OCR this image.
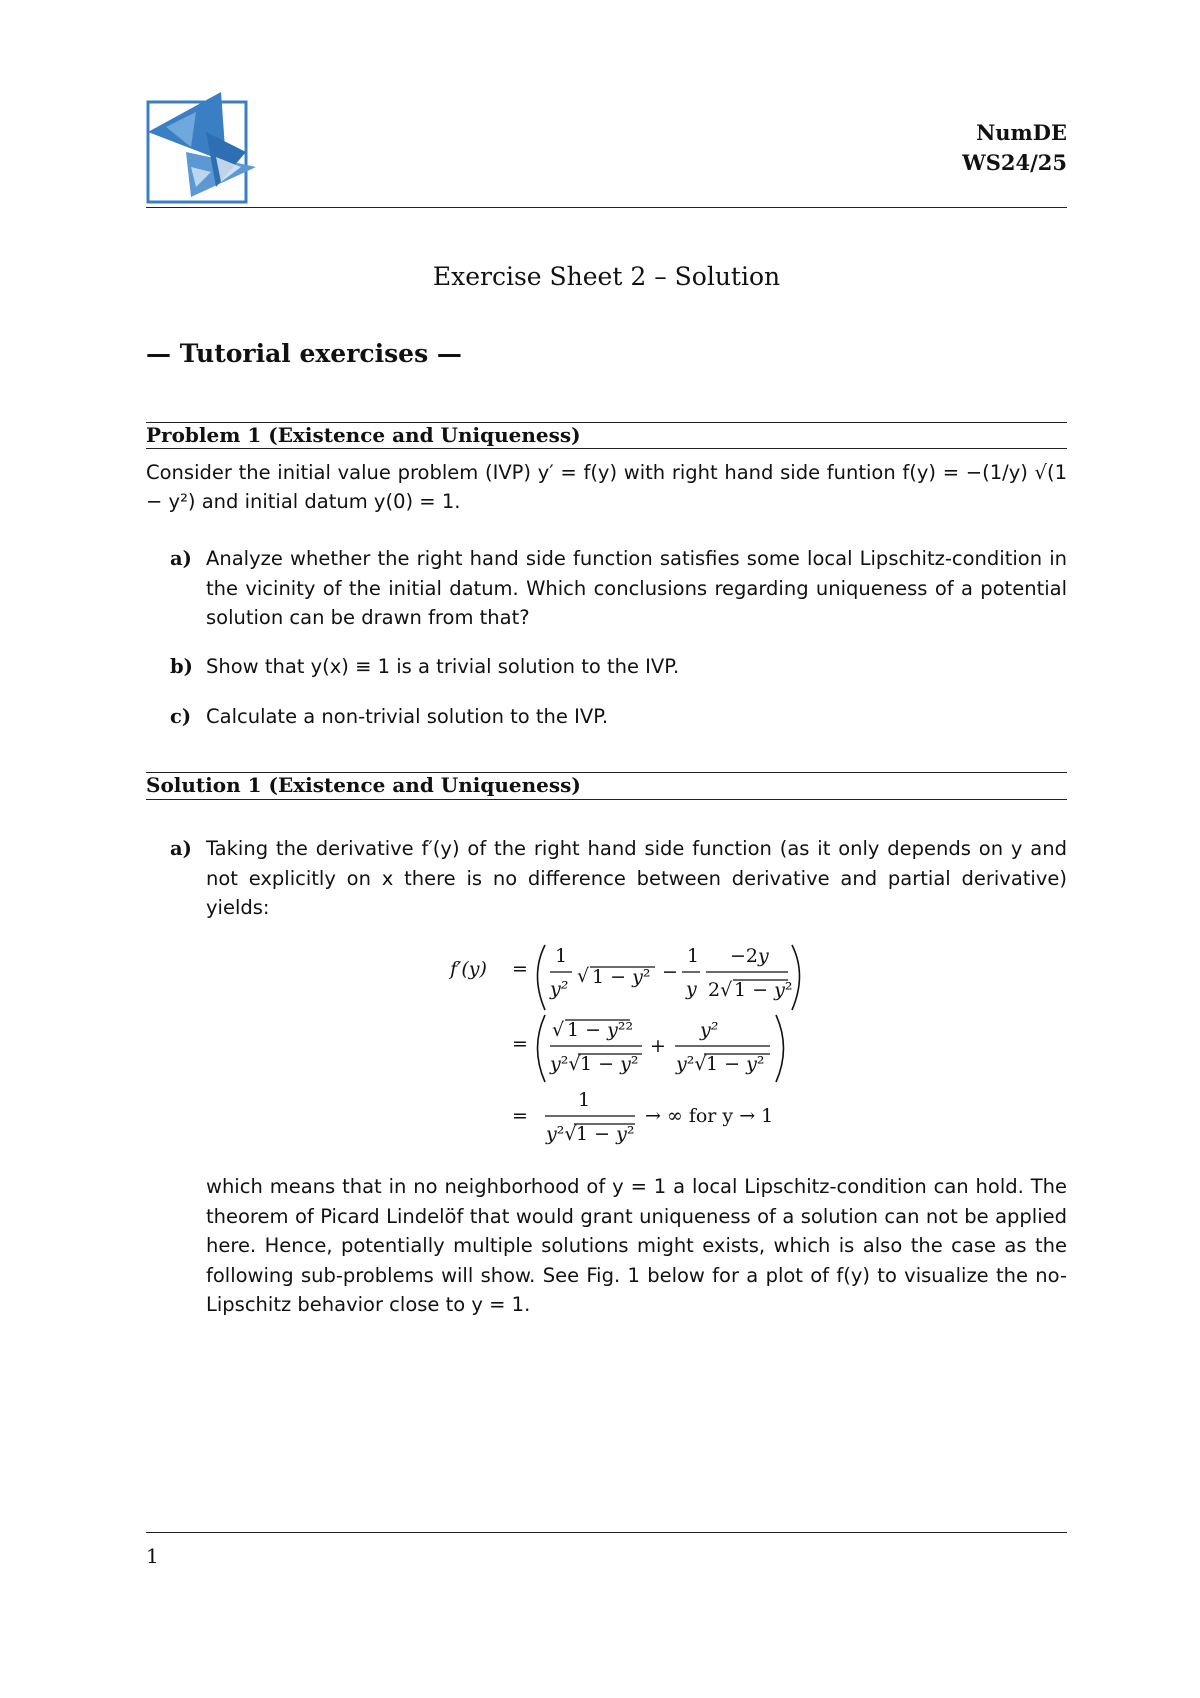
NumDE
WS24/25
Exercise Sheet 2 – Solution
— Tutorial exercises —
Problem 1 (Existence and Uniqueness)
Consider the initial value problem (IVP) y′ = f(y) with right hand side funtion f(y) = −(1/y) √(1 − y²) and initial datum y(0) = 1.
a) Analyze whether the right hand side function satisfies some local Lipschitz-condition in the vicinity of the initial datum. Which conclusions regarding uniqueness of a potential solution can be drawn from that?
b) Show that y(x) ≡ 1 is a trivial solution to the IVP.
c) Calculate a non-trivial solution to the IVP.
Solution 1 (Existence and Uniqueness)
a) Taking the derivative f′(y) of the right hand side function (as it only depends on y and not explicitly on x there is no difference between derivative and partial derivative) yields:
f′(y) =
1
y²
√ 1 − y² −
1
y
−2y
2√ 1 − y²
=
√ 1 − y²²
y²√ 1 − y²
+
y²
y²√ 1 − y²
=
1
y²√ 1 − y²
→ ∞ for y → 1
which means that in no neighborhood of y = 1 a local Lipschitz-condition can hold. The theorem of Picard Lindelöf that would grant uniqueness of a solution can not be applied here. Hence, potentially multiple solutions might exists, which is also the case as the following sub-problems will show. See Fig. 1 below for a plot of f(y) to visualize the no-Lipschitz behavior close to y = 1.
1
